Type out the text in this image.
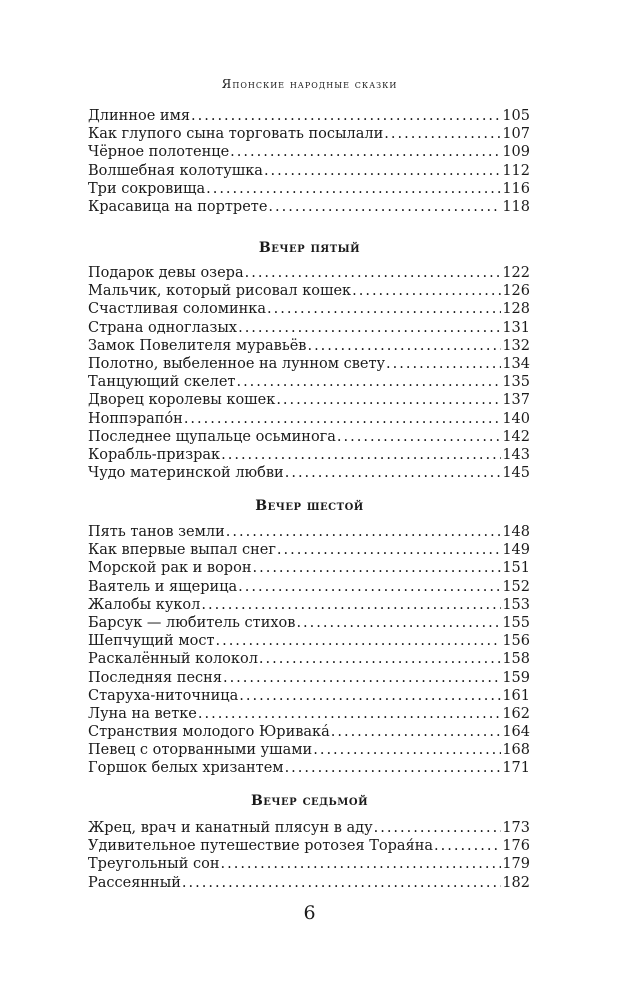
Японские народные сказки
Длинное имя .....	105
Как глупого сына торговать посылали .....	107
Чёрное полотенце .....	109
Волшебная колотушка .....	112
Три сокровища .....	116
Красавица на портрете .....	118
Вечер пятый
Подарок девы озера .....	122
Мальчик, который рисовал кошек .....	126
Счастливая соломинка .....	128
Страна одноглазых .....	131
Замок Повелителя муравьёв .....	132
Полотно, выбеленное на лунном свету .....	134
Танцующий скелет .....	135
Дворец королевы кошек .....	137
Ноппэрапóн .....	140
Последнее щупальце осьминога .....	142
Корабль-призрак .....	143
Чудо материнской любви .....	145
Вечер шестой
Пять танов земли .....	148
Как впервые выпал снег .....	149
Морской рак и ворон .....	151
Ваятель и ящерица .....	152
Жалобы кукол .....	153
Барсук — любитель стихов .....	155
Шепчущий мост .....	156
Раскалённый колокол .....	158
Последняя песня .....	159
Старуха-ниточница .....	161
Луна на ветке .....	162
Странствия молодого Юривакá .....	164
Певец с оторванными ушами .....	168
Горшок белых хризантем .....	171
Вечер седьмой
Жрец, врач и канатный плясун в аду .....	173
Удивительное путешествие ротозея Торая́на .....	176
Треугольный сон .....	179
Рассеянный .....	182
6
